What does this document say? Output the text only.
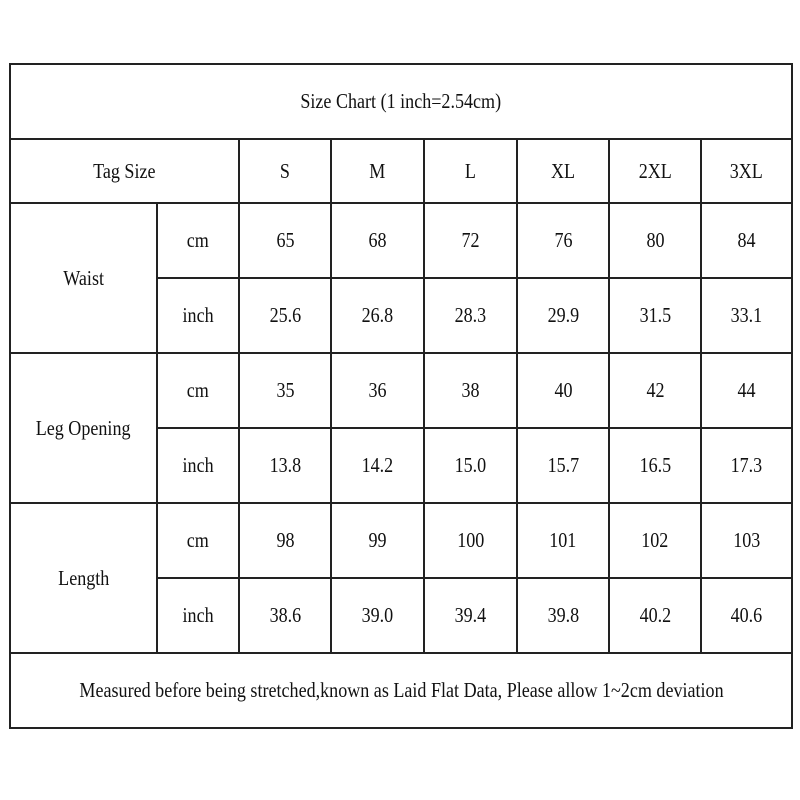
Size Chart (1 inch=2.54cm)							
Tag Size		S	M	L	XL	2XL	3XL
Waist	cm	65	68	72	76	80	84
	inch	25.6	26.8	28.3	29.9	31.5	33.1
Leg Opening	cm	35	36	38	40	42	44
	inch	13.8	14.2	15.0	15.7	16.5	17.3
Length	cm	98	99	100	101	102	103
	inch	38.6	39.0	39.4	39.8	40.2	40.6
Measured before being stretched,known as Laid Flat Data, Please allow 1~2cm deviation							
